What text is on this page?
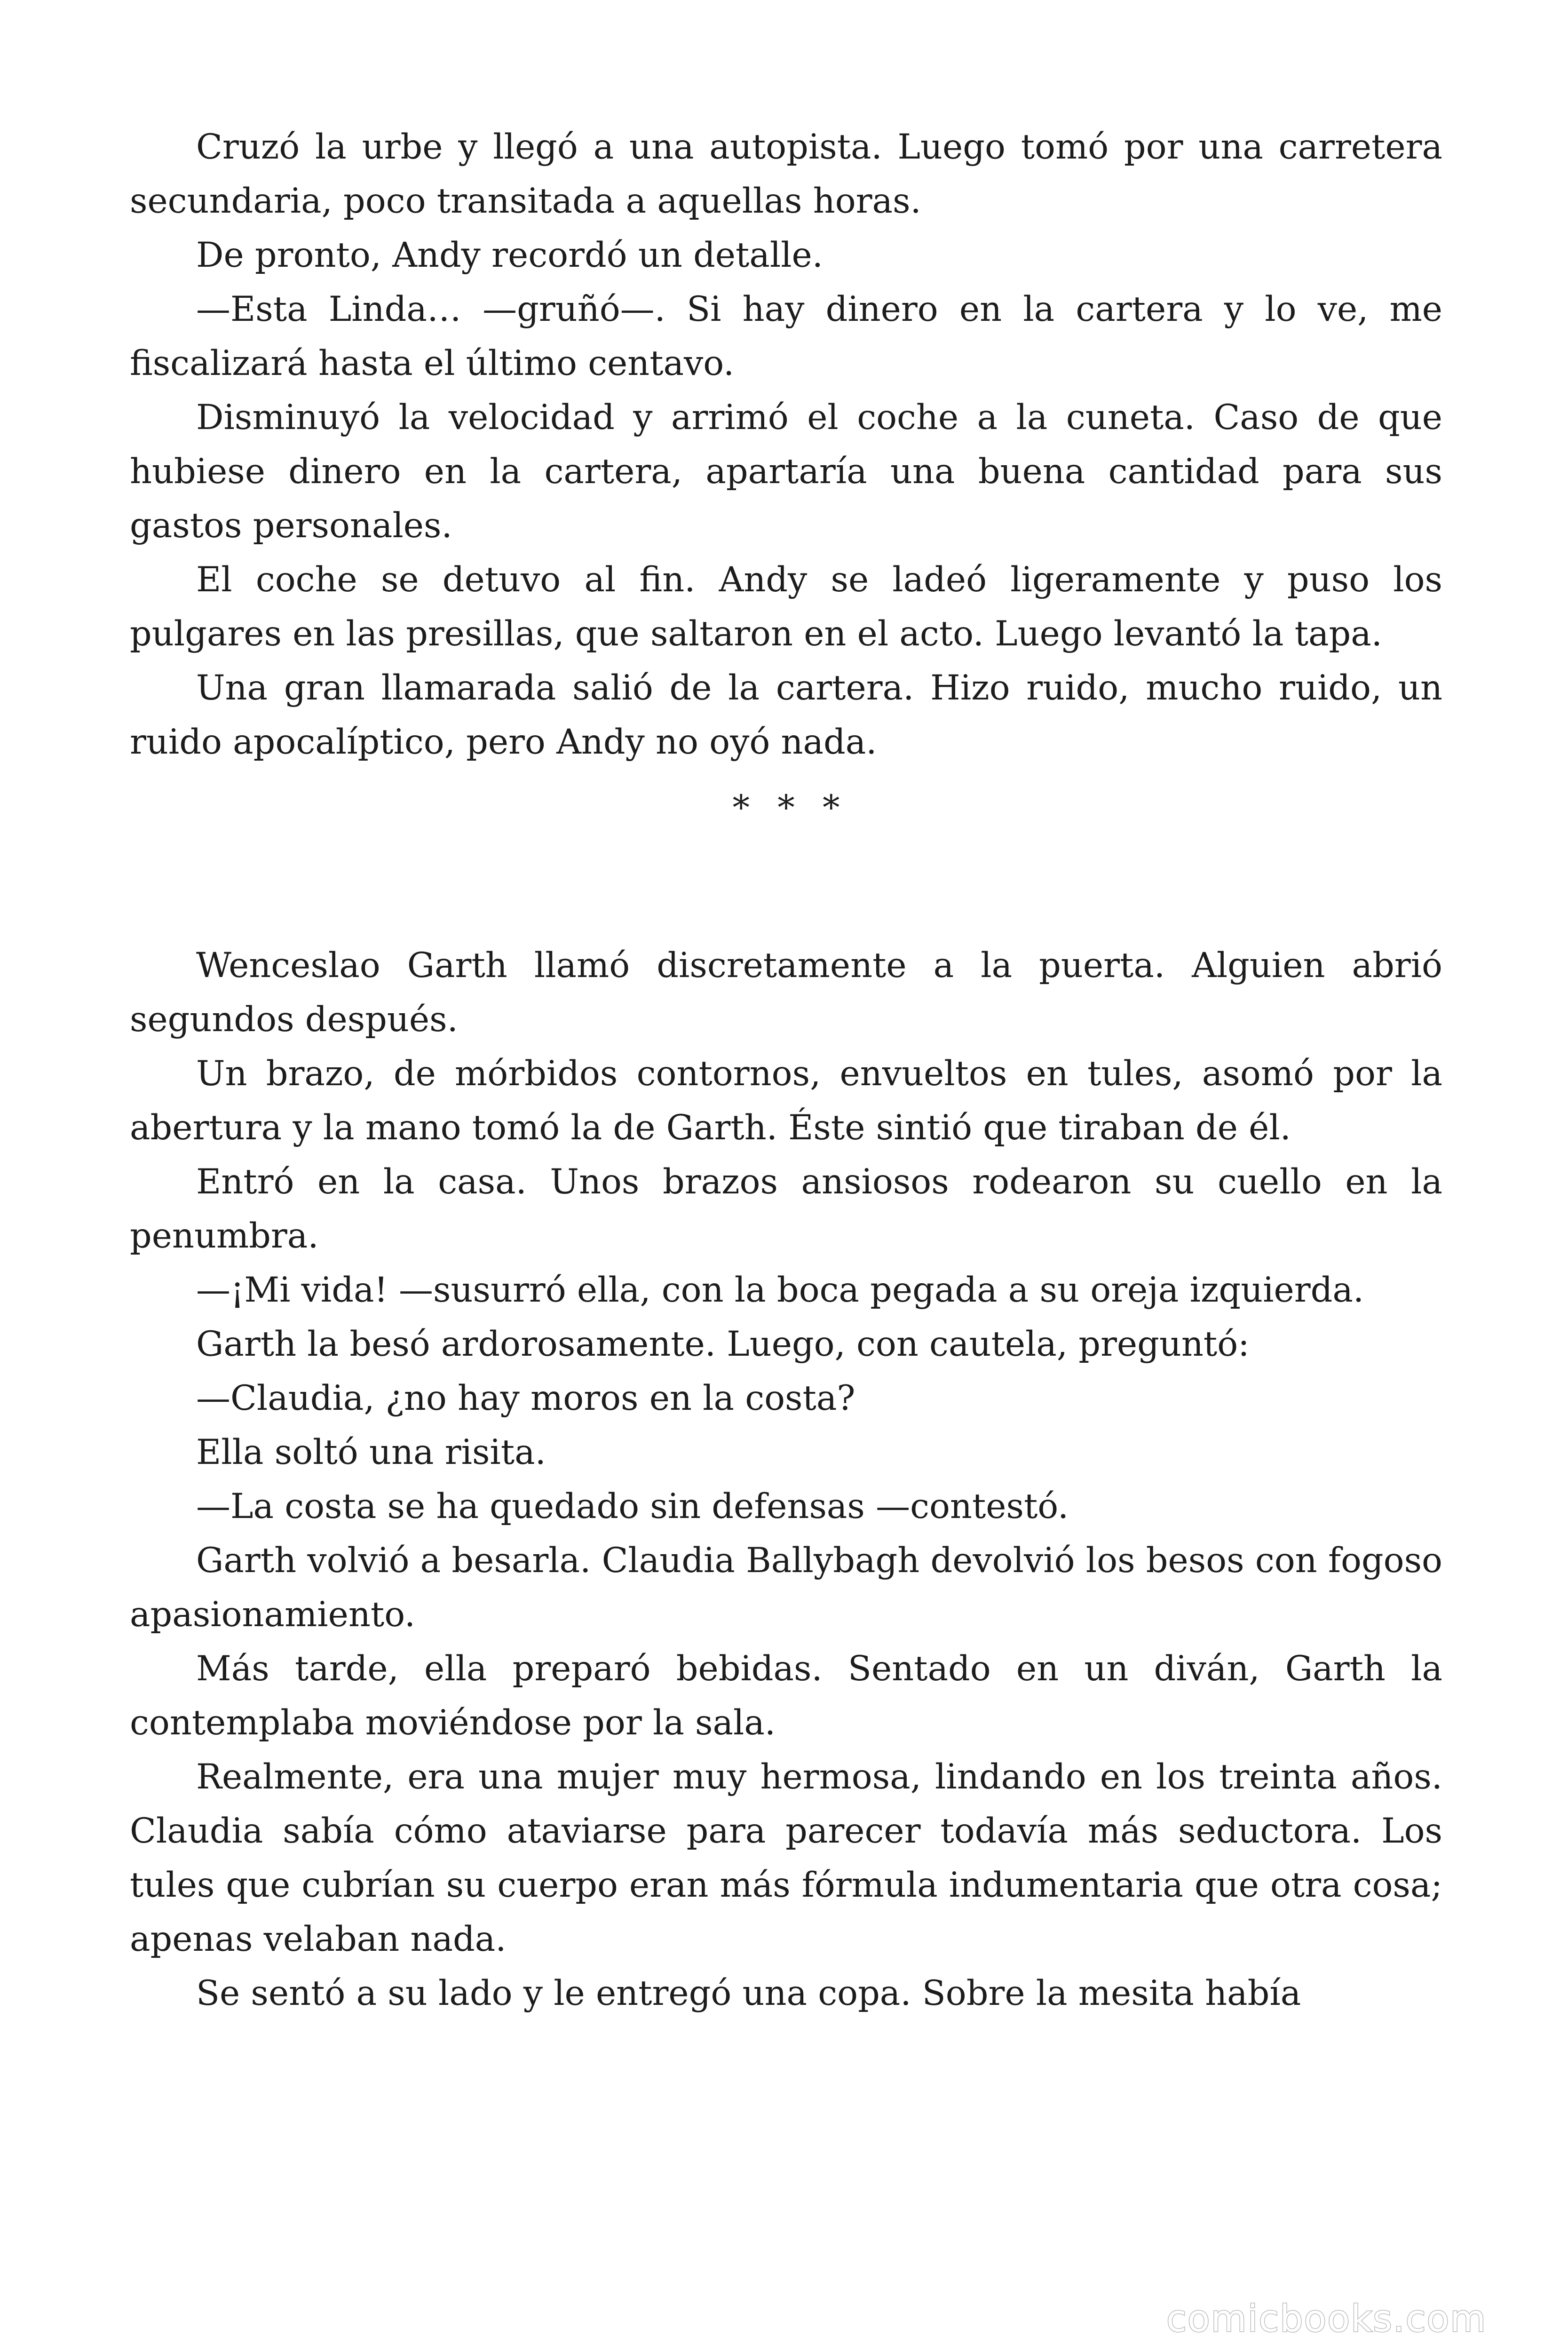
Cruzó la urbe y llegó a una autopista. Luego tomó por una carretera secundaria, poco transitada a aquellas horas.

De pronto, Andy recordó un detalle.

—Esta Linda… —gruñó—. Si hay dinero en la cartera y lo ve, me fiscalizará hasta el último centavo.

Disminuyó la velocidad y arrimó el coche a la cuneta. Caso de que hubiese dinero en la cartera, apartaría una buena cantidad para sus gastos personales.

El coche se detuvo al fin. Andy se ladeó ligeramente y puso los pulgares en las presillas, que saltaron en el acto. Luego levantó la tapa.

Una gran llamarada salió de la cartera. Hizo ruido, mucho ruido, un ruido apocalíptico, pero Andy no oyó nada.

* * *

Wenceslao Garth llamó discretamente a la puerta. Alguien abrió segundos después.

Un brazo, de mórbidos contornos, envueltos en tules, asomó por la abertura y la mano tomó la de Garth. Éste sintió que tiraban de él.

Entró en la casa. Unos brazos ansiosos rodearon su cuello en la penumbra.

—¡Mi vida! —susurró ella, con la boca pegada a su oreja izquierda.

Garth la besó ardorosamente. Luego, con cautela, preguntó:

—Claudia, ¿no hay moros en la costa?

Ella soltó una risita.

—La costa se ha quedado sin defensas —contestó.

Garth volvió a besarla. Claudia Ballybagh devolvió los besos con fogoso apasionamiento.

Más tarde, ella preparó bebidas. Sentado en un diván, Garth la contemplaba moviéndose por la sala.

Realmente, era una mujer muy hermosa, lindando en los treinta años. Claudia sabía cómo ataviarse para parecer todavía más seductora. Los tules que cubrían su cuerpo eran más fórmula indumentaria que otra cosa; apenas velaban nada.

Se sentó a su lado y le entregó una copa. Sobre la mesita había

comicbooks.com
